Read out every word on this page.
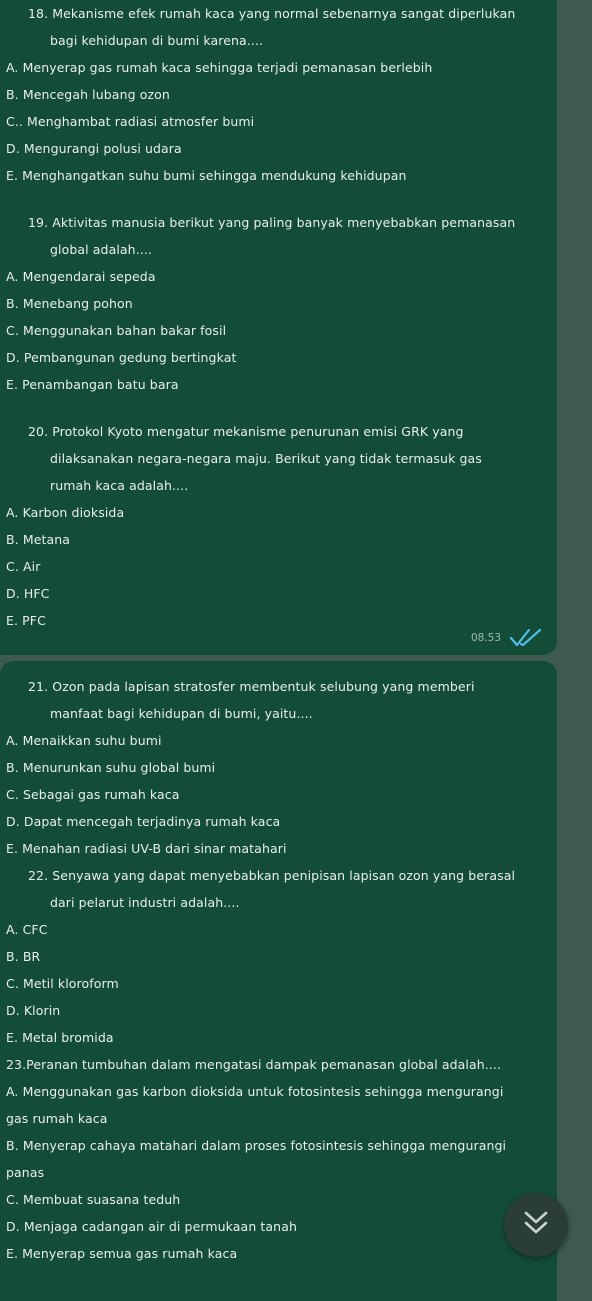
18. Mekanisme efek rumah kaca yang normal sebenarnya sangat diperlukan
bagi kehidupan di bumi karena....
A. Menyerap gas rumah kaca sehingga terjadi pemanasan berlebih
B. Mencegah lubang ozon
C.. Menghambat radiasi atmosfer bumi
D. Mengurangi polusi udara
E. Menghangatkan suhu bumi sehingga mendukung kehidupan
19. Aktivitas manusia berikut yang paling banyak menyebabkan pemanasan
global adalah....
A. Mengendarai sepeda
B. Menebang pohon
C. Menggunakan bahan bakar fosil
D. Pembangunan gedung bertingkat
E. Penambangan batu bara
20. Protokol Kyoto mengatur mekanisme penurunan emisi GRK yang
dilaksanakan negara-negara maju. Berikut yang tidak termasuk gas
rumah kaca adalah....
A. Karbon dioksida
B. Metana
C. Air
D. HFC
E. PFC
08.53
21. Ozon pada lapisan stratosfer membentuk selubung yang memberi
manfaat bagi kehidupan di bumi, yaitu....
A. Menaikkan suhu bumi
B. Menurunkan suhu global bumi
C. Sebagai gas rumah kaca
D. Dapat mencegah terjadinya rumah kaca
E. Menahan radiasi UV-B dari sinar matahari
22. Senyawa yang dapat menyebabkan penipisan lapisan ozon yang berasal
dari pelarut industri adalah....
A. CFC
B. BR
C. Metil kloroform
D. Klorin
E. Metal bromida
23.Peranan tumbuhan dalam mengatasi dampak pemanasan global adalah....
A. Menggunakan gas karbon dioksida untuk fotosintesis sehingga mengurangi
gas rumah kaca
B. Menyerap cahaya matahari dalam proses fotosintesis sehingga mengurangi
panas
C. Membuat suasana teduh
D. Menjaga cadangan air di permukaan tanah
E. Menyerap semua gas rumah kaca
